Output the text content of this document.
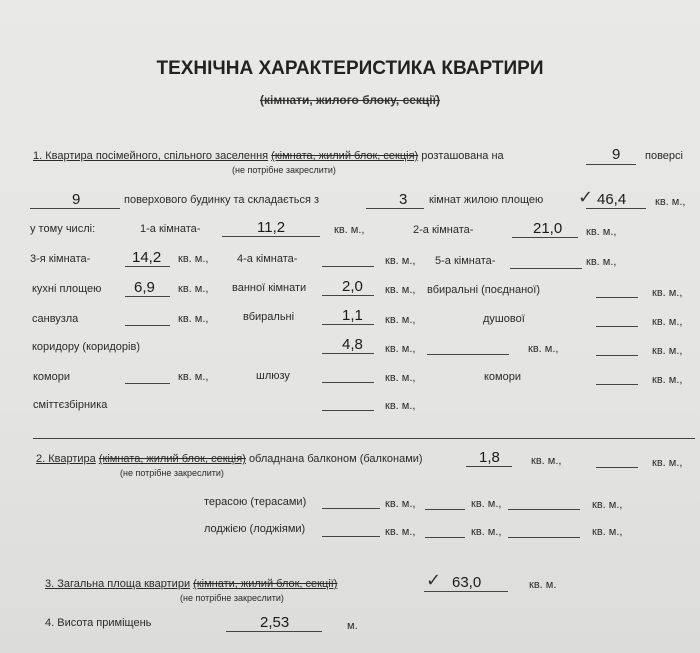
ТЕХНІЧНА ХАРАКТЕРИСТИКА КВАРТИРИ
(кімнати, жилого блоку, секції)
1. Квартира посімейного, спільного заселення (кімната, жилий блок, секція) розташована на
(не потрібне закреслити)
9 поверсі
9	поверхового будинку та складається з	3 кімнат жилою площею ✓ 46,4	кв. м.,
у тому числі:	1-а кімната-	11,2	кв. м.,	2-а кімната-	21,0 кв. м.,
3-я кімната-	14,2 кв. м.,	4-а кімната-	кв. м., 5-а кімната-	кв. м.,
кухні площею 6,9 кв. м., ванної кімнати 2,0 кв. м., вбиральні (поєднаної)	кв. м.,
санвузла	кв. м.,	вбиральні	1,1 кв. м.,	душової	кв. м.,
коридору (коридорів)	4,8 кв. м.,	кв. м.,	кв. м.,
комори	кв. м.,	шлюзу	кв. м.,	комори	кв. м.,
сміттєзбірника	кв. м.,
2. Квартира (кімната, жилий блок, секція) обладнана балконом (балконами)
(не потрібне закреслити)
1,8	кв. м.,	кв. м.,
терасою (терасами)	кв. м.,	кв. м.,	кв. м.,
лоджією (лоджіями)	кв. м.,	кв. м.,	кв. м.,
3. Загальна площа квартири (кімнати, жилий блок, секції)
(не потрібне закреслити)
✓ 63,0	кв. м.
4. Висота приміщень	2,53	м.
